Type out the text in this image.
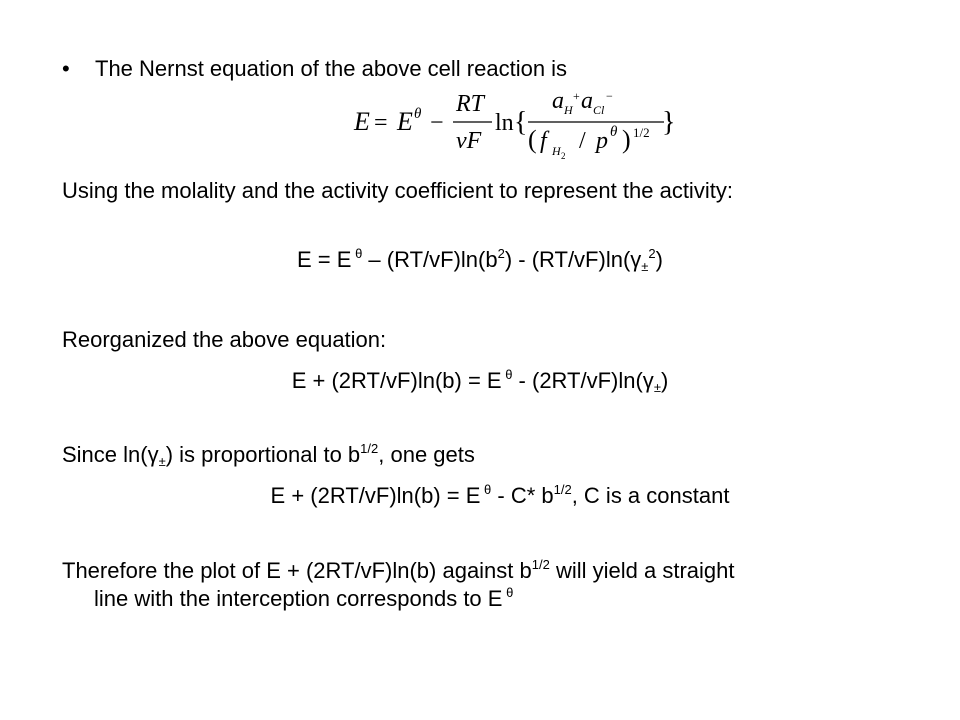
• The Nernst equation of the above cell reaction is
E = E θ −
RT
vF
ln {
a H
+ a Cl
−
( f H 2
/ p θ ) 1/2 }
Using the molality and the activity coefficient to represent the activity:
E = E $^\theta - (RT/vF)\ln(b^2) - (RT/vF)\ln(\gamma_\pm^2)$
Reorganized the above equation:
E + (2RT/vF)ln(b) = E $^\theta - (2RT/vF)\ln(\gamma_\pm)$
Since $\ln(\gamma_\pm)$ is proportional to $b^{1/2}$, one gets
E + (2RT/vF)ln(b) = E $^\theta$ - C* $b^{1/2}$, C is a constant
Therefore the plot of E + (2RT/vF)ln(b) against $b^{1/2}$ will yield a straight
line with the interception corresponds to E $^\theta$
